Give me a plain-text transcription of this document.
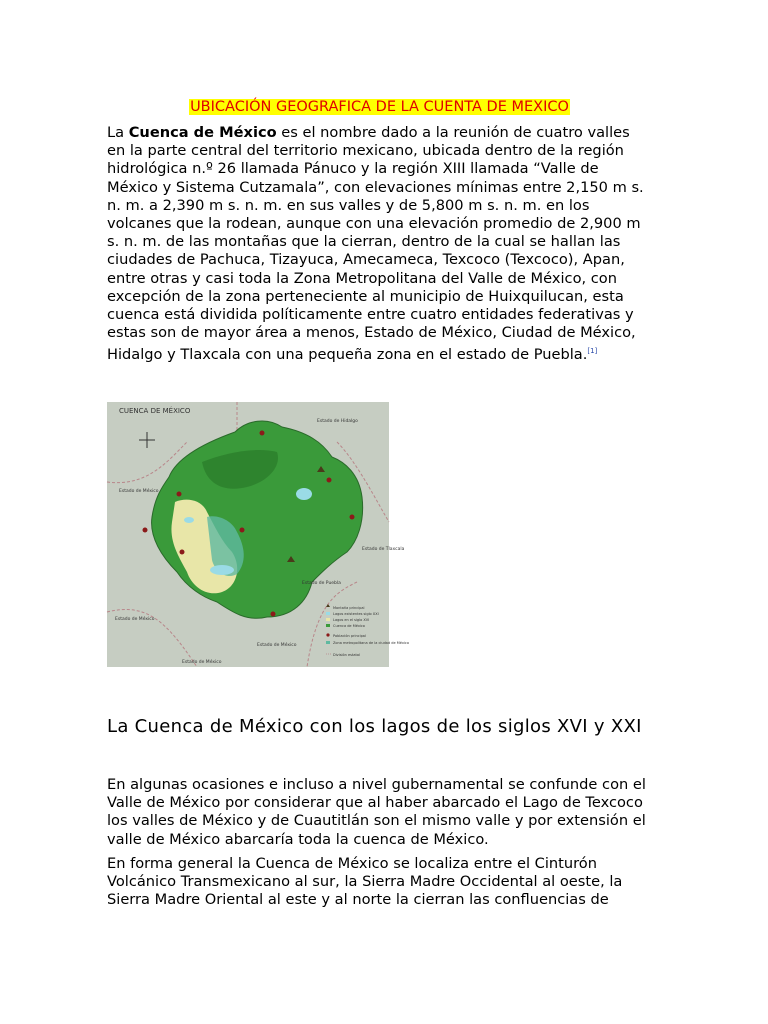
UBICACIÓN GEOGRAFICA DE LA CUENTA DE MEXICO

La Cuenca de México es el nombre dado a la reunión de cuatro valles en la parte central del territorio mexicano, ubicada dentro de la región hidrológica n.º 26 llamada Pánuco y la región XIII llamada “Valle de México y Sistema Cutzamala”, con elevaciones mínimas entre 2,150 m s. n. m. a 2,390 m s. n. m. en sus valles y de 5,800 m s. n. m. en los volcanes que la rodean, aunque con una elevación promedio de 2,900 m s. n. m. de las montañas que la cierran, dentro de la cual se hallan las ciudades de Pachuca, Tizayuca, Amecameca, Texcoco (Texcoco), Apan, entre otras y casi toda la Zona Metropolitana del Valle de México, con excepción de la zona perteneciente al municipio de Huixquilucan, esta cuenca está dividida políticamente entre cuatro entidades federativas y estas son de mayor área a menos, Estado de México, Ciudad de México, Hidalgo y Tlaxcala con una pequeña zona en el estado de Puebla.[1]

CUENCA DE MÉXICO
Estado de Hidalgo
Estado de México
Estado de Tlaxcala
Estado de Puebla
Estado de México
Estado de México
Estado de México
Montaña principal
Lagos existentes siglo XXI
Lagos en el siglo XVI
Cuenca de México
Población principal
Zona metropolitana de la ciudad de México
División estatal
La Cuenca de México con los lagos de los siglos XVI y XXI

En algunas ocasiones e incluso a nivel gubernamental se confunde con el Valle de México por considerar que al haber abarcado el Lago de Texcoco los valles de México y de Cuautitlán son el mismo valle y por extensión el valle de México abarcaría toda la cuenca de México.

En forma general la Cuenca de México se localiza entre el Cinturón Volcánico Transmexicano al sur, la Sierra Madre Occidental al oeste, la Sierra Madre Oriental al este y al norte la cierran las confluencias de
